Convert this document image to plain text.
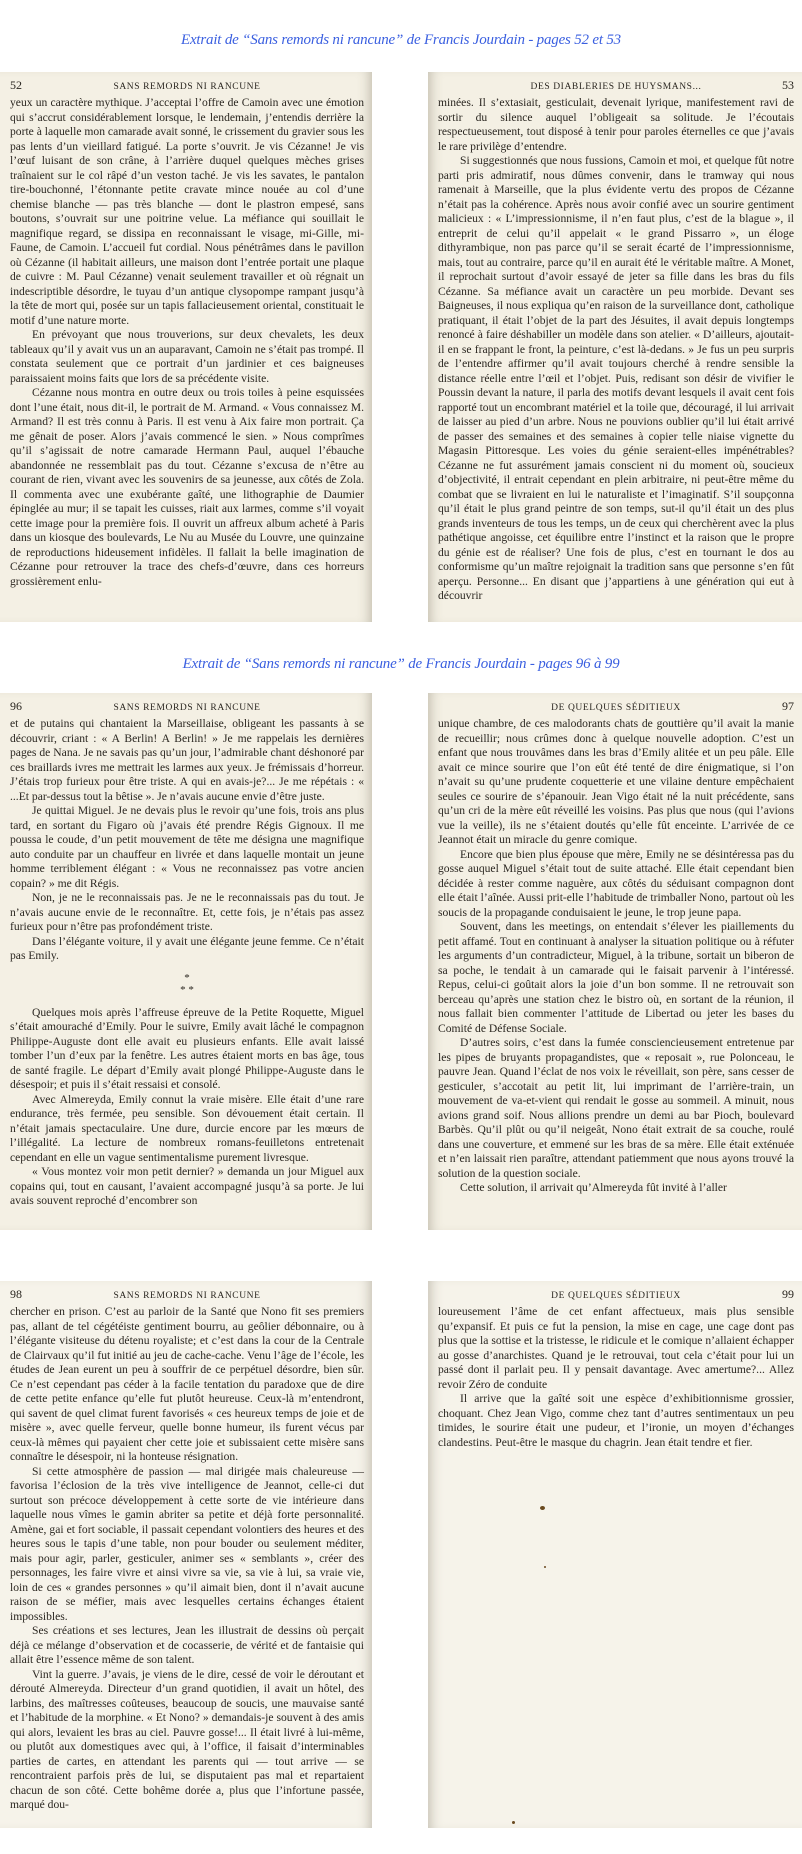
Extrait de “Sans remords ni rancune” de Francis Jourdain - pages 52 et 53
52	SANS REMORDS NI RANCUNE

yeux un caractère mythique. J’acceptai l’offre de Camoin avec une émotion qui s’accrut considérablement lorsque, le lendemain, j’entendis derrière la porte à laquelle mon camarade avait sonné, le crissement du gravier sous les pas lents d’un vieillard fatigué. La porte s’ouvrit. Je vis Cézanne! Je vis l’œuf luisant de son crâne, à l’arrière duquel quelques mèches grises traînaient sur le col râpé d’un veston taché. Je vis les savates, le pantalon tire-bouchonné, l’étonnante petite cravate mince nouée au col d’une chemise blanche — pas très blanche — dont le plastron empesé, sans boutons, s’ouvrait sur une poitrine velue. La méfiance qui souillait le magnifique regard, se dissipa en reconnaissant le visage, mi-Gille, mi-Faune, de Camoin. L’accueil fut cordial. Nous pénétrâmes dans le pavillon où Cézanne (il habitait ailleurs, une maison dont l’entrée portait une plaque de cuivre : M. Paul Cézanne) venait seulement travailler et où régnait un indescriptible désordre, le tuyau d’un antique clysopompe rampant jusqu’à la tête de mort qui, posée sur un tapis fallacieusement oriental, constituait le motif d’une nature morte.

En prévoyant que nous trouverions, sur deux chevalets, les deux tableaux qu’il y avait vus un an auparavant, Camoin ne s’était pas trompé. Il constata seulement que ce portrait d’un jardinier et ces baigneuses paraissaient moins faits que lors de sa précédente visite.

Cézanne nous montra en outre deux ou trois toiles à peine esquissées dont l’une était, nous dit-il, le portrait de M. Armand. « Vous connaissez M. Armand? Il est très connu à Paris. Il est venu à Aix faire mon portrait. Ça me gênait de poser. Alors j’avais commencé le sien. » Nous comprîmes qu’il s’agissait de notre camarade Hermann Paul, auquel l’ébauche abandonnée ne ressemblait pas du tout. Cézanne s’excusa de n’être au courant de rien, vivant avec les souvenirs de sa jeunesse, aux côtés de Zola. Il commenta avec une exubérante gaîté, une lithographie de Daumier épinglée au mur; il se tapait les cuisses, riait aux larmes, comme s’il voyait cette image pour la première fois. Il ouvrit un affreux album acheté à Paris dans un kiosque des boulevards, Le Nu au Musée du Louvre, une quinzaine de reproductions hideusement infidèles. Il fallait la belle imagination de Cézanne pour retrouver la trace des chefs-d’œuvre, dans ces horreurs grossièrement enlu-

DES DIABLERIES DE HUYSMANS...	53

minées. Il s’extasiait, gesticulait, devenait lyrique, manifestement ravi de sortir du silence auquel l’obligeait sa solitude. Je l’écoutais respectueusement, tout disposé à tenir pour paroles éternelles ce que j’avais le rare privilège d’entendre.

Si suggestionnés que nous fussions, Camoin et moi, et quelque fût notre parti pris admiratif, nous dûmes convenir, dans le tramway qui nous ramenait à Marseille, que la plus évidente vertu des propos de Cézanne n’était pas la cohérence. Après nous avoir confié avec un sourire gentiment malicieux : « L’impressionnisme, il n’en faut plus, c’est de la blague », il entreprit de celui qu’il appelait « le grand Pissarro », un éloge dithyrambique, non pas parce qu’il se serait écarté de l’impressionnisme, mais, tout au contraire, parce qu’il en aurait été le véritable maître. A Monet, il reprochait surtout d’avoir essayé de jeter sa fille dans les bras du fils Cézanne. Sa méfiance avait un caractère un peu morbide. Devant ses Baigneuses, il nous expliqua qu’en raison de la surveillance dont, catholique pratiquant, il était l’objet de la part des Jésuites, il avait depuis longtemps renoncé à faire déshabiller un modèle dans son atelier. « D’ailleurs, ajoutait-il en se frappant le front, la peinture, c’est là-dedans. » Je fus un peu surpris de l’entendre affirmer qu’il avait toujours cherché à rendre sensible la distance réelle entre l’œil et l’objet. Puis, redisant son désir de vivifier le Poussin devant la nature, il parla des motifs devant lesquels il avait cent fois rapporté tout un encombrant matériel et la toile que, découragé, il lui arrivait de laisser au pied d’un arbre. Nous ne pouvions oublier qu’il lui était arrivé de passer des semaines et des semaines à copier telle niaise vignette du Magasin Pittoresque. Les voies du génie seraient-elles impénétrables? Cézanne ne fut assurément jamais conscient ni du moment où, soucieux d’objectivité, il entrait cependant en plein arbitraire, ni peut-être même du combat que se livraient en lui le naturaliste et l’imaginatif. S’il soupçonna qu’il était le plus grand peintre de son temps, sut-il qu’il était un des plus grands inventeurs de tous les temps, un de ceux qui cherchèrent avec la plus pathétique angoisse, cet équilibre entre l’instinct et la raison que le propre du génie est de réaliser? Une fois de plus, c’est en tournant le dos au conformisme qu’un maître rejoignait la tradition sans que personne s’en fût aperçu. Personne... En disant que j’appartiens à une génération qui eut à découvrir

Extrait de “Sans remords ni rancune” de Francis Jourdain - pages 96 à 99
96	SANS REMORDS NI RANCUNE

et de putains qui chantaient la Marseillaise, obligeant les passants à se découvrir, criant : « A Berlin! A Berlin! » Je me rappelais les dernières pages de Nana. Je ne savais pas qu’un jour, l’admirable chant déshonoré par ces braillards ivres me mettrait les larmes aux yeux. Je frémissais d’horreur. J’étais trop furieux pour être triste. A qui en avais-je?... Je me répétais : « ...Et par-dessus tout la bêtise ». Je n’avais aucune envie d’être juste.

Je quittai Miguel. Je ne devais plus le revoir qu’une fois, trois ans plus tard, en sortant du Figaro où j’avais été prendre Régis Gignoux. Il me poussa le coude, d’un petit mouvement de tête me désigna une magnifique auto conduite par un chauffeur en livrée et dans laquelle montait un jeune homme terriblement élégant : « Vous ne reconnaissez pas votre ancien copain? » me dit Régis.

Non, je ne le reconnaissais pas. Je ne le reconnaissais pas du tout. Je n’avais aucune envie de le reconnaître. Et, cette fois, je n’étais pas assez furieux pour n’être pas profondément triste.

Dans l’élégante voiture, il y avait une élégante jeune femme. Ce n’était pas Emily.

*
* *

Quelques mois après l’affreuse épreuve de la Petite Roquette, Miguel s’était amouraché d’Emily. Pour le suivre, Emily avait lâché le compagnon Philippe-Auguste dont elle avait eu plusieurs enfants. Elle avait laissé tomber l’un d’eux par la fenêtre. Les autres étaient morts en bas âge, tous de santé fragile. Le départ d’Emily avait plongé Philippe-Auguste dans le désespoir; et puis il s’était ressaisi et consolé.

Avec Almereyda, Emily connut la vraie misère. Elle était d’une rare endurance, très fermée, peu sensible. Son dévouement était certain. Il n’était jamais spectaculaire. Une dure, durcie encore par les mœurs de l’illégalité. La lecture de nombreux romans-feuilletons entretenait cependant en elle un vague sentimentalisme purement livresque.

« Vous montez voir mon petit dernier? » demanda un jour Miguel aux copains qui, tout en causant, l’avaient accompagné jusqu’à sa porte. Je lui avais souvent reproché d’encombrer son

DE QUELQUES SÉDITIEUX	97

unique chambre, de ces malodorants chats de gouttière qu’il avait la manie de recueillir; nous crûmes donc à quelque nouvelle adoption. C’est un enfant que nous trouvâmes dans les bras d’Emily alitée et un peu pâle. Elle avait ce mince sourire que l’on eût été tenté de dire énigmatique, si l’on n’avait su qu’une prudente coquetterie et une vilaine denture empêchaient seules ce sourire de s’épanouir. Jean Vigo était né la nuit précédente, sans qu’un cri de la mère eût réveillé les voisins. Pas plus que nous (qui l’avions vue la veille), ils ne s’étaient doutés qu’elle fût enceinte. L’arrivée de ce Jeannot était un miracle du genre comique.

Encore que bien plus épouse que mère, Emily ne se désintéressa pas du gosse auquel Miguel s’était tout de suite attaché. Elle était cependant bien décidée à rester comme naguère, aux côtés du séduisant compagnon dont elle était l’aînée. Aussi prit-elle l’habitude de trimballer Nono, partout où les soucis de la propagande conduisaient le jeune, le trop jeune papa.

Souvent, dans les meetings, on entendait s’élever les piaillements du petit affamé. Tout en continuant à analyser la situation politique ou à réfuter les arguments d’un contradicteur, Miguel, à la tribune, sortait un biberon de sa poche, le tendait à un camarade qui le faisait parvenir à l’intéressé. Repus, celui-ci goûtait alors la joie d’un bon somme. Il ne retrouvait son berceau qu’après une station chez le bistro où, en sortant de la réunion, il nous fallait bien commenter l’attitude de Libertad ou jeter les bases du Comité de Défense Sociale.

D’autres soirs, c’est dans la fumée consciencieusement entretenue par les pipes de bruyants propagandistes, que « reposait », rue Polonceau, le pauvre Jean. Quand l’éclat de nos voix le réveillait, son père, sans cesser de gesticuler, s’accotait au petit lit, lui imprimant de l’arrière-train, un mouvement de va-et-vient qui rendait le gosse au sommeil. A minuit, nous avions grand soif. Nous allions prendre un demi au bar Pioch, boulevard Barbès. Qu’il plût ou qu’il neigeât, Nono était extrait de sa couche, roulé dans une couverture, et emmené sur les bras de sa mère. Elle était exténuée et n’en laissait rien paraître, attendant patiemment que nous ayons trouvé la solution de la question sociale.

Cette solution, il arrivait qu’Almereyda fût invité à l’aller

98	SANS REMORDS NI RANCUNE

chercher en prison. C’est au parloir de la Santé que Nono fit ses premiers pas, allant de tel cégétéiste gentiment bourru, au geôlier débonnaire, ou à l’élégante visiteuse du détenu royaliste; et c’est dans la cour de la Centrale de Clairvaux qu’il fut initié au jeu de cache-cache. Venu l’âge de l’école, les études de Jean eurent un peu à souffrir de ce perpétuel désordre, bien sûr. Ce n’est cependant pas céder à la facile tentation du paradoxe que de dire de cette petite enfance qu’elle fut plutôt heureuse. Ceux-là m’entendront, qui savent de quel climat furent favorisés « ces heureux temps de joie et de misère », avec quelle ferveur, quelle bonne humeur, ils furent vécus par ceux-là mêmes qui payaient cher cette joie et subissaient cette misère sans connaître le désespoir, ni la honteuse résignation.

Si cette atmosphère de passion — mal dirigée mais chaleureuse — favorisa l’éclosion de la très vive intelligence de Jeannot, celle-ci dut surtout son précoce développement à cette sorte de vie intérieure dans laquelle nous vîmes le gamin abriter sa petite et déjà forte personnalité. Amène, gai et fort sociable, il passait cependant volontiers des heures et des heures sous le tapis d’une table, non pour bouder ou seulement méditer, mais pour agir, parler, gesticuler, animer ses « semblants », créer des personnages, les faire vivre et ainsi vivre sa vie, sa vie à lui, sa vraie vie, loin de ces « grandes personnes » qu’il aimait bien, dont il n’avait aucune raison de se méfier, mais avec lesquelles certains échanges étaient impossibles.

Ses créations et ses lectures, Jean les illustrait de dessins où perçait déjà ce mélange d’observation et de cocasserie, de vérité et de fantaisie qui allait être l’essence même de son talent.

Vint la guerre. J’avais, je viens de le dire, cessé de voir le déroutant et dérouté Almereyda. Directeur d’un grand quotidien, il avait un hôtel, des larbins, des maîtresses coûteuses, beaucoup de soucis, une mauvaise santé et l’habitude de la morphine. « Et Nono? » demandais-je souvent à des amis qui alors, levaient les bras au ciel. Pauvre gosse!... Il était livré à lui-même, ou plutôt aux domestiques avec qui, à l’office, il faisait d’interminables parties de cartes, en attendant les parents qui — tout arrive — se rencontraient parfois près de lui, se disputaient pas mal et repartaient chacun de son côté. Cette bohême dorée a, plus que l’infortune passée, marqué dou-

DE QUELQUES SÉDITIEUX	99

loureusement l’âme de cet enfant affectueux, mais plus sensible qu’expansif. Et puis ce fut la pension, la mise en cage, une cage dont pas plus que la sottise et la tristesse, le ridicule et le comique n’allaient échapper au gosse d’anarchistes. Quand je le retrouvai, tout cela c’était pour lui un passé dont il parlait peu. Il y pensait davantage. Avec amertume?... Allez revoir Zéro de conduite

Il arrive que la gaîté soit une espèce d’exhibitionnisme grossier, choquant. Chez Jean Vigo, comme chez tant d’autres sentimentaux un peu timides, le sourire était une pudeur, et l’ironie, un moyen d’échanges clandestins. Peut-être le masque du chagrin. Jean était tendre et fier.
